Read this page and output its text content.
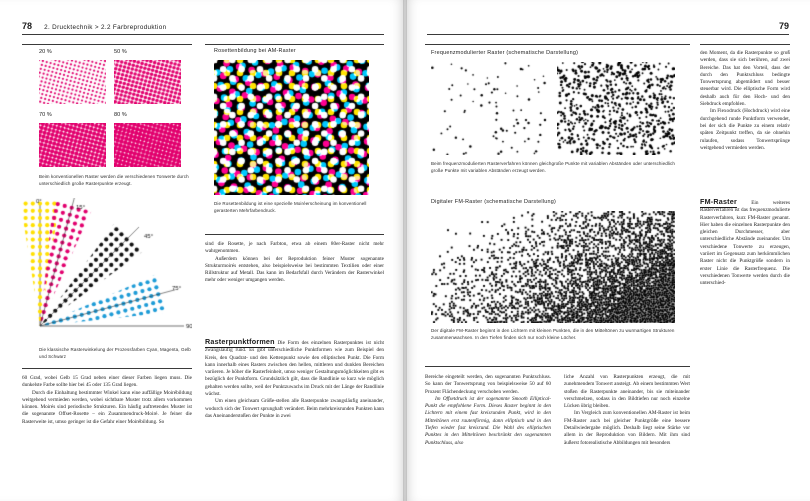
78 2. Drucktechnik > 2.2 Farbreproduktion
20 %	50 %
70 %	80 %
Beim konventionellen Raster werden die verschiedenen Tonwerte durch unterschiedlich große Rasterpunkte erzeugt.
Die klassische Rasterwinkelung der Prozessfarben Cyan, Magenta, Gelb und Schwarz

60 Grad, wobei Gelb 15 Grad neben einer dieser Farben liegen muss. Die dunkelste Farbe sollte hier bei 45 oder 135 Grad liegen.

Durch die Einhaltung bestimmter Winkel kann eine auffällige Moirébildung weitgehend vermieden werden, wobei sichtbare Muster trotz allem vorkommen können. Moirés sind periodische Strukturen. Ein häufig auftretendes Muster ist die sogenannte Offset-Rosette – ein Zusammendruck-Moiré. Je feiner die Rasterweite ist, umso geringer ist die Gefahr einer Moirébildung. So

Rosettenbildung bei AM-Raster
Die Rosettenbildung ist eine spezielle Moiréerscheinung im konventionell gerasterten Mehrfarbendruck.

sind die Rosette, je nach Farbton, etwa ab einem 80er-Raster nicht mehr wahrgenommen.

Außerdem können bei der Reproduktion feiner Muster sogenannte Strukturmoirés entstehen, also beispielsweise bei bestimmten Textilien oder einer Rillstruktur auf Metall. Das kann im Bedarfsfall durch Verändern der Rasterwinkel mehr oder weniger umgangen werden.

Rasterpunktformen Die Form des einzelnen Rasterpunktes ist nicht zwangsläufig rund. Es gibt unterschiedliche Punktformen wie zum Beispiel den Kreis, den Quadrat- und den Kettenpunkt sowie den elliptischen Punkt. Die Form kann innerhalb eines Rasters zwischen den hellen, mittleren und dunklen Bereichen variieren. Je höher die Rasterfeinheit, umso weniger Gestaltungsmöglichkeiten gibt es bezüglich der Punktform. Grundsätzlich gilt, dass die Randlinie so kurz wie möglich gehalten werden sollte, weil der Punktzuwachs im Druck mit der Länge der Randlinie wächst.

Um einen gleichsam Größe-stellen alle Rasterpunkte zwangsläufig aneinander, wodurch sich der Tonwert sprunghaft verändert. Beim mehrkreisrunden Punkten kann das Aneinanderstoßen der Punkte in zwei

79
Frequenzmodulierter Raster (schematische Darstellung)
Beim frequenzmodulierten Rasterverfahren können gleichgroße Punkte mit variablen Abständen oder unterschiedlich große Punkte mit variablen Abständen erzeugt werden.
Digitaler FM-Raster (schematische Darstellung)
Der digitale FM-Raster beginnt in den Lichtern mit kleinen Punkten, die in den Mitteltönen zu wurmartigen Strukturen zusammenwachsen. In den Tiefen finden sich nur noch kleine Löcher.

Bereiche eingeteilt werden, den sogenannten Punktschluss. So kann der Tonwertsprung von beispielsweise 50 auf 60 Prozent Flächendeckung verschoben werden.

Im Offsetdruck ist der sogenannte Smooth Elliptical-Punkt die empfohlene Form. Dieses Raster beginnt in den Lichtern mit einem fast kreisrunden Punkt, wird in den Mitteltönen erst rautenförmig, dann elliptisch und in den Tiefen wieder fast kreisrund. Die Wahl des elliptischen Punktes in den Mitteltönen beschränkt den sogenannten Punktschluss, also

liche Anzahl von Rasterpunkten erzeugt, die mit zunehmendem Tonwert ansteigt. Ab einem bestimmten Wert stoßen die Rasterpunkte aneinander, bis sie miteinander verschmelzen, sodass in den Bildtiefen nur noch einzelne Lücken übrig bleiben.

Im Vergleich zum konventionellen AM-Raster ist beim FM-Raster auch bei gleicher Punktgröße eine bessere Detailwiedergabe möglich. Deshalb liegt seine Stärke vor allem in der Reproduktion von Bildern. Mit ihm sind äußerst fotorealistische Abbildungen mit besonders

den Moment, da die Rasterpunkte so groß werden, dass sie sich berühren, auf zwei Bereiche. Das hat den Vorteil, dass der durch den Punktschluss bedingte Tonwertsprung abgemildert und besser steuerbar wird. Die elliptische Form wird deshalb auch für den Hoch- und den Siebdruck empfohlen.

Im Flexodruck (Hochdruck) wird eine durchgehend runde Punktform verwendet, bei der sich die Punkte zu einem relativ späten Zeitpunkt treffen, da sie ohnehin rulaufen, sodass Tonwertsprünge weitgehend vermieden werden.

FM-Raster	Ein weiteres Rasterverfahren ist das frequenzmodulierte Rasterverfahren, kurz FM-Raster genannt. Hier haben die einzelnen Rasterpunkte den gleichen Durchmesser, aber unterschiedliche Abstände zueinander. Um verschiedene Tonwerte zu erzeugen, variiert im Gegensatz zum herkömmlichen Raster nicht die Punktgröße sondern in erster Linie die Rasterfrequenz. Die verschiedenen Tonwerte werden durch die unterschied-
